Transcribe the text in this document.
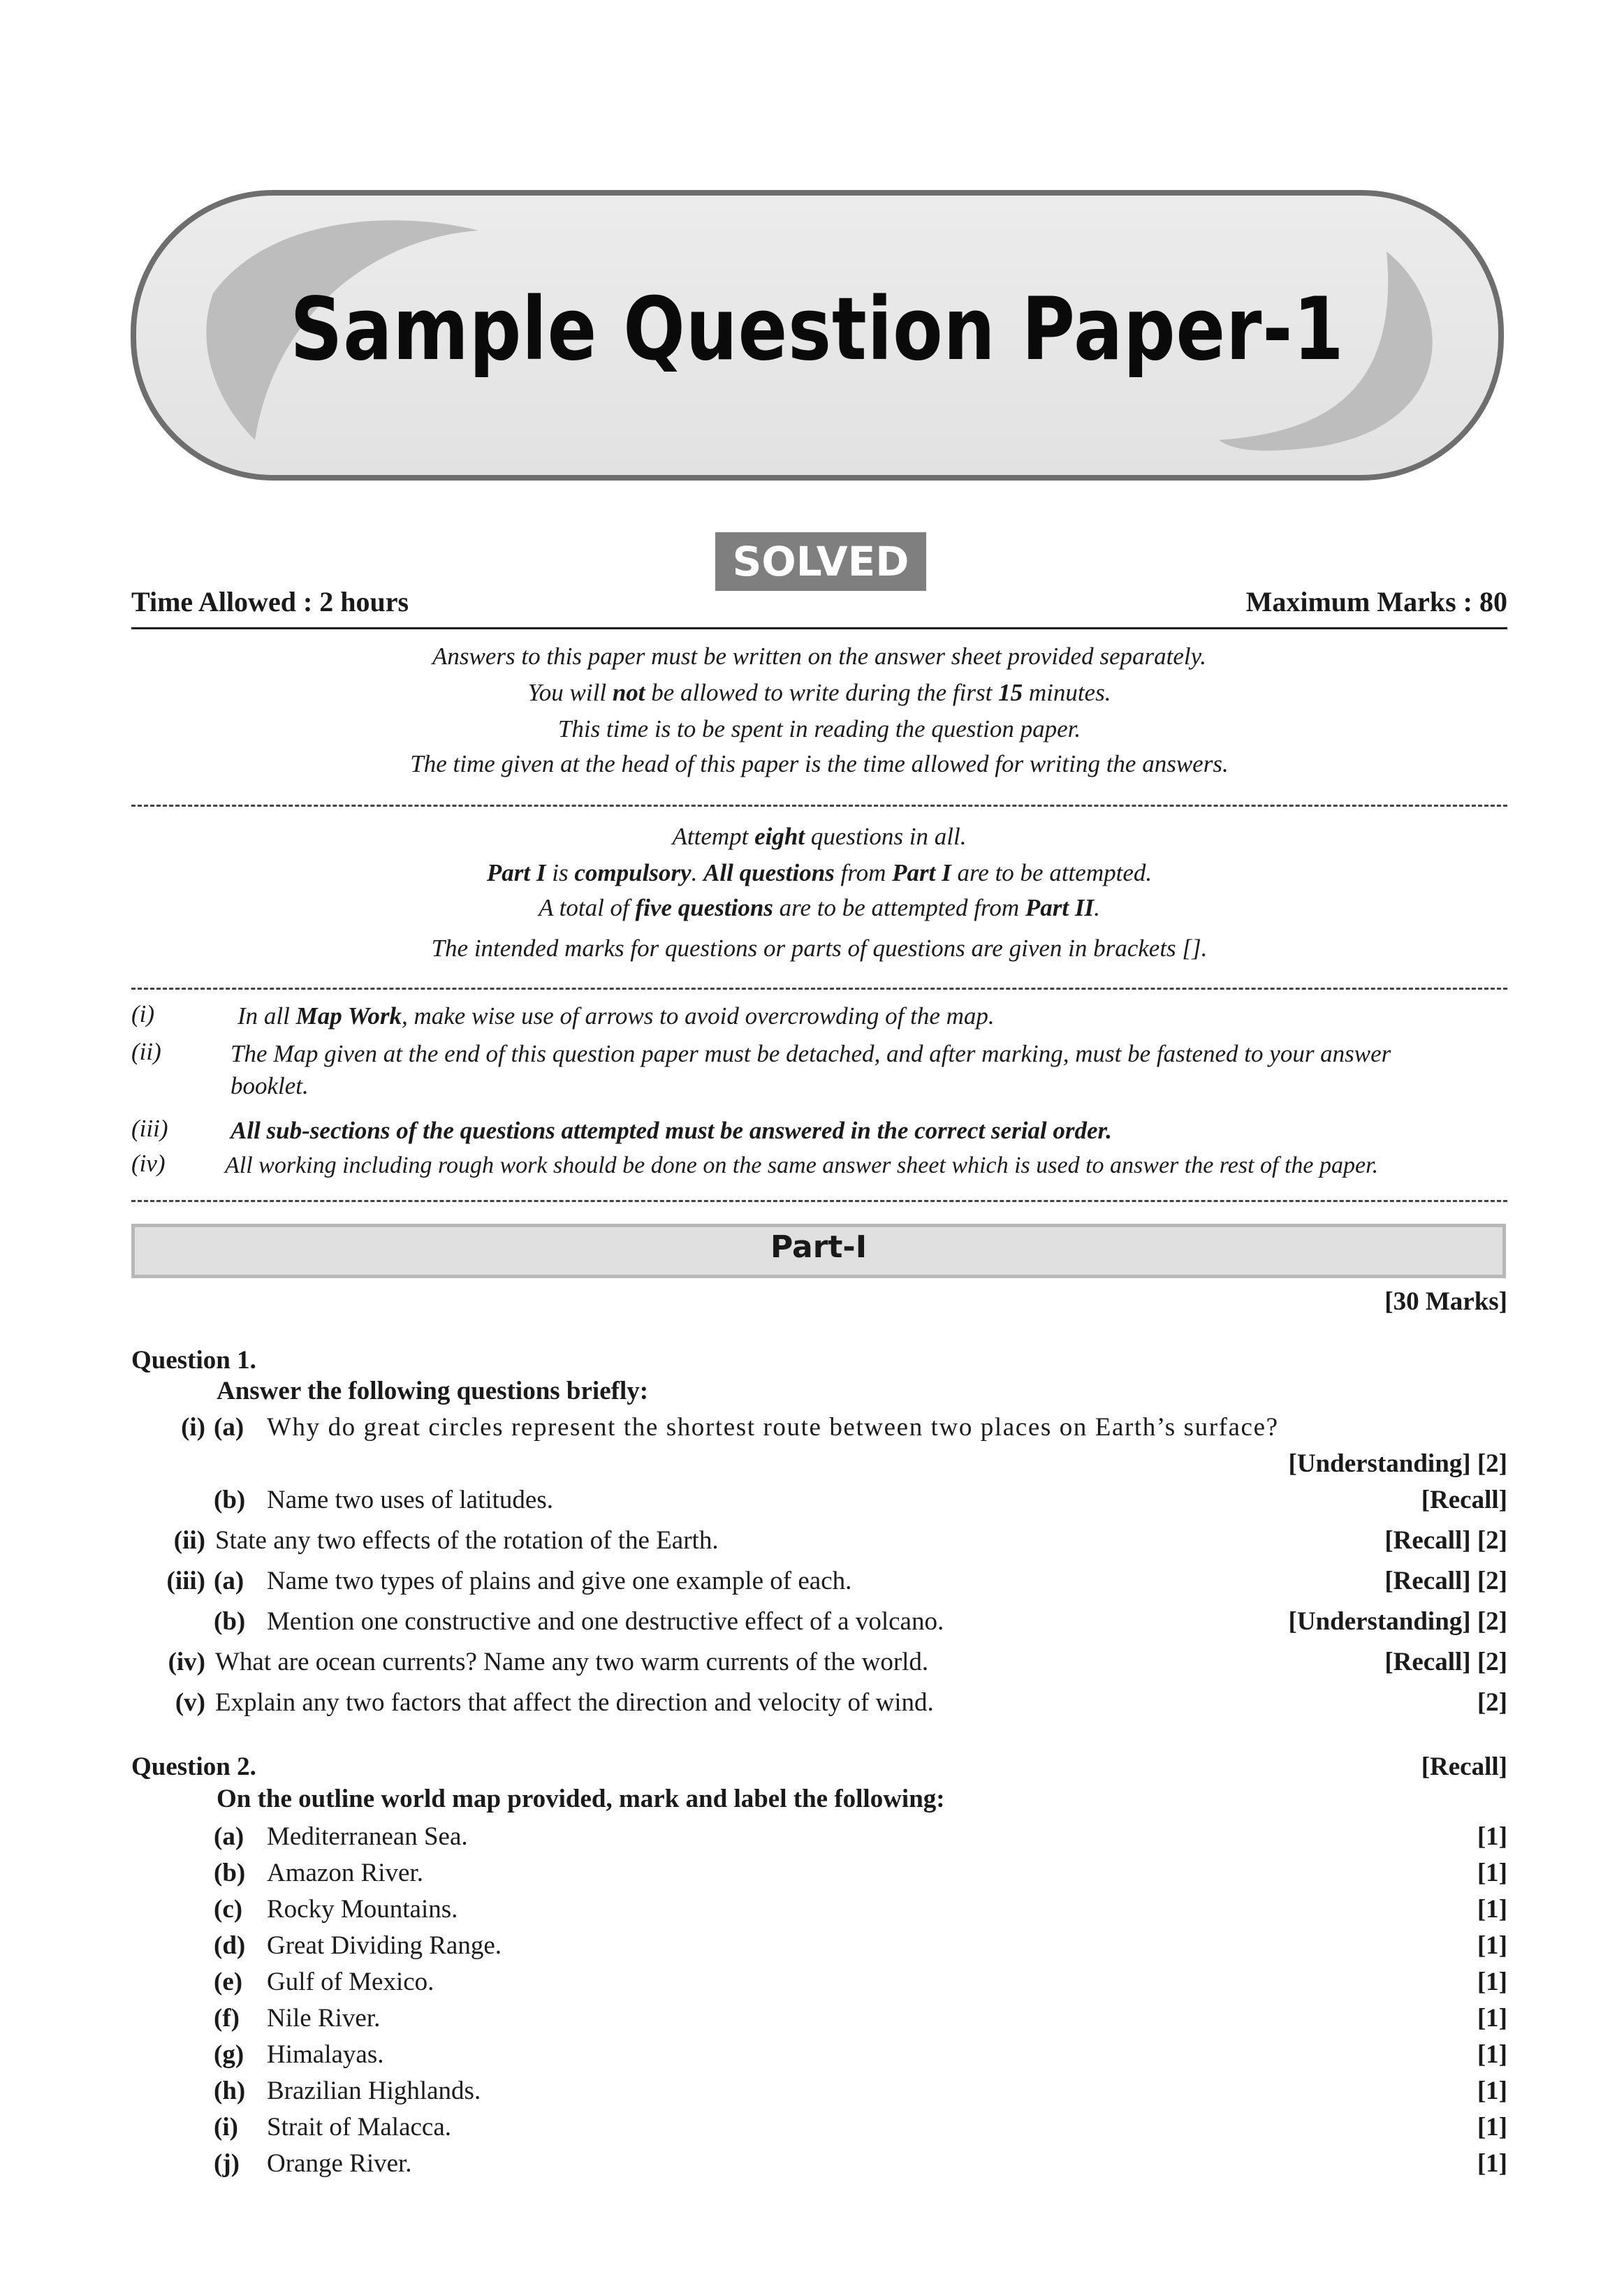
Sample Question Paper-1
SOLVED
Time Allowed : 2 hours	Maximum Marks : 80
Answers to this paper must be written on the answer sheet provided separately.
You will not be allowed to write during the first 15 minutes.
This time is to be spent in reading the question paper.
The time given at the head of this paper is the time allowed for writing the answers.
Attempt eight questions in all.
Part I is compulsory. All questions from Part I are to be attempted.
A total of five questions are to be attempted from Part II.
The intended marks for questions or parts of questions are given in brackets [].
(i)	In all Map Work, make wise use of arrows to avoid overcrowding of the map.
(ii)	The Map given at the end of this question paper must be detached, and after marking, must be fastened to your answer booklet.
(iii)	All sub-sections of the questions attempted must be answered in the correct serial order.
(iv)	All working including rough work should be done on the same answer sheet which is used to answer the rest of the paper.
Part-I
[30 Marks]
Question 1.
Answer the following questions briefly:
(i) (a) Why do great circles represent the shortest route between two places on Earth’s surface?
[Understanding] [2]
(b) Name two uses of latitudes.	[Recall]
(ii) State any two effects of the rotation of the Earth.	[Recall] [2]
(iii) (a) Name two types of plains and give one example of each.	[Recall] [2]
(b) Mention one constructive and one destructive effect of a volcano.	[Understanding] [2]
(iv) What are ocean currents? Name any two warm currents of the world.	[Recall] [2]
(v) Explain any two factors that affect the direction and velocity of wind.	[2]
Question 2.	[Recall]
On the outline world map provided, mark and label the following:
(a) Mediterranean Sea.	[1]
(b) Amazon River.	[1]
(c) Rocky Mountains.	[1]
(d) Great Dividing Range.	[1]
(e) Gulf of Mexico.	[1]
(f) Nile River.	[1]
(g) Himalayas.	[1]
(h) Brazilian Highlands.	[1]
(i) Strait of Malacca.	[1]
(j) Orange River.	[1]
